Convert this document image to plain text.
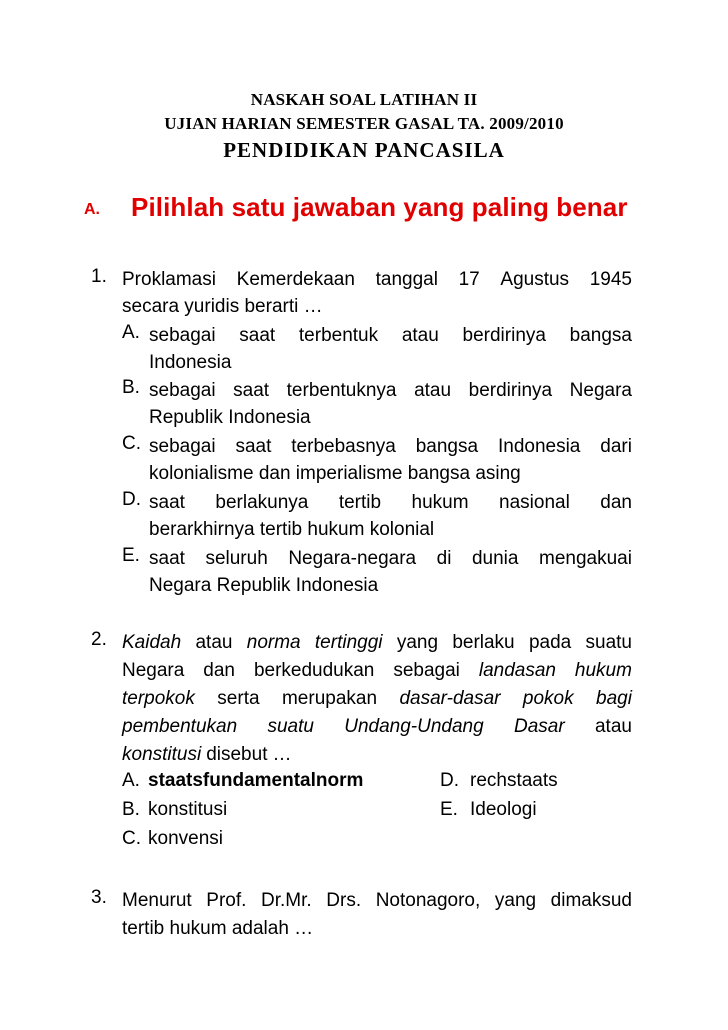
NASKAH SOAL LATIHAN II
UJIAN HARIAN SEMESTER GASAL TA. 2009/2010
PENDIDIKAN PANCASILA
A. Pilihlah satu jawaban yang paling benar
1. Proklamasi Kemerdekaan tanggal 17 Agustus 1945
secara yuridis berarti …
A. sebagai saat terbentuk atau berdirinya bangsa
Indonesia
B. sebagai saat terbentuknya atau berdirinya Negara
Republik Indonesia
C. sebagai saat terbebasnya bangsa Indonesia dari
kolonialisme dan imperialisme bangsa asing
D. saat berlakunya tertib hukum nasional dan
berarkhirnya tertib hukum kolonial
E. saat seluruh Negara-negara di dunia mengakuai
Negara Republik Indonesia
2. Kaidah atau norma tertinggi yang berlaku pada suatu
Negara dan berkedudukan sebagai landasan hukum
terpokok serta merupakan dasar-dasar pokok bagi
pembentukan suatu Undang-Undang Dasar atau
konstitusi disebut …
A. staatsfundamentalnorm
B. konstitusi
C. konvensi
D. rechstaats
E. Ideologi
3. Menurut Prof. Dr.Mr. Drs. Notonagoro, yang dimaksud
tertib hukum adalah …
